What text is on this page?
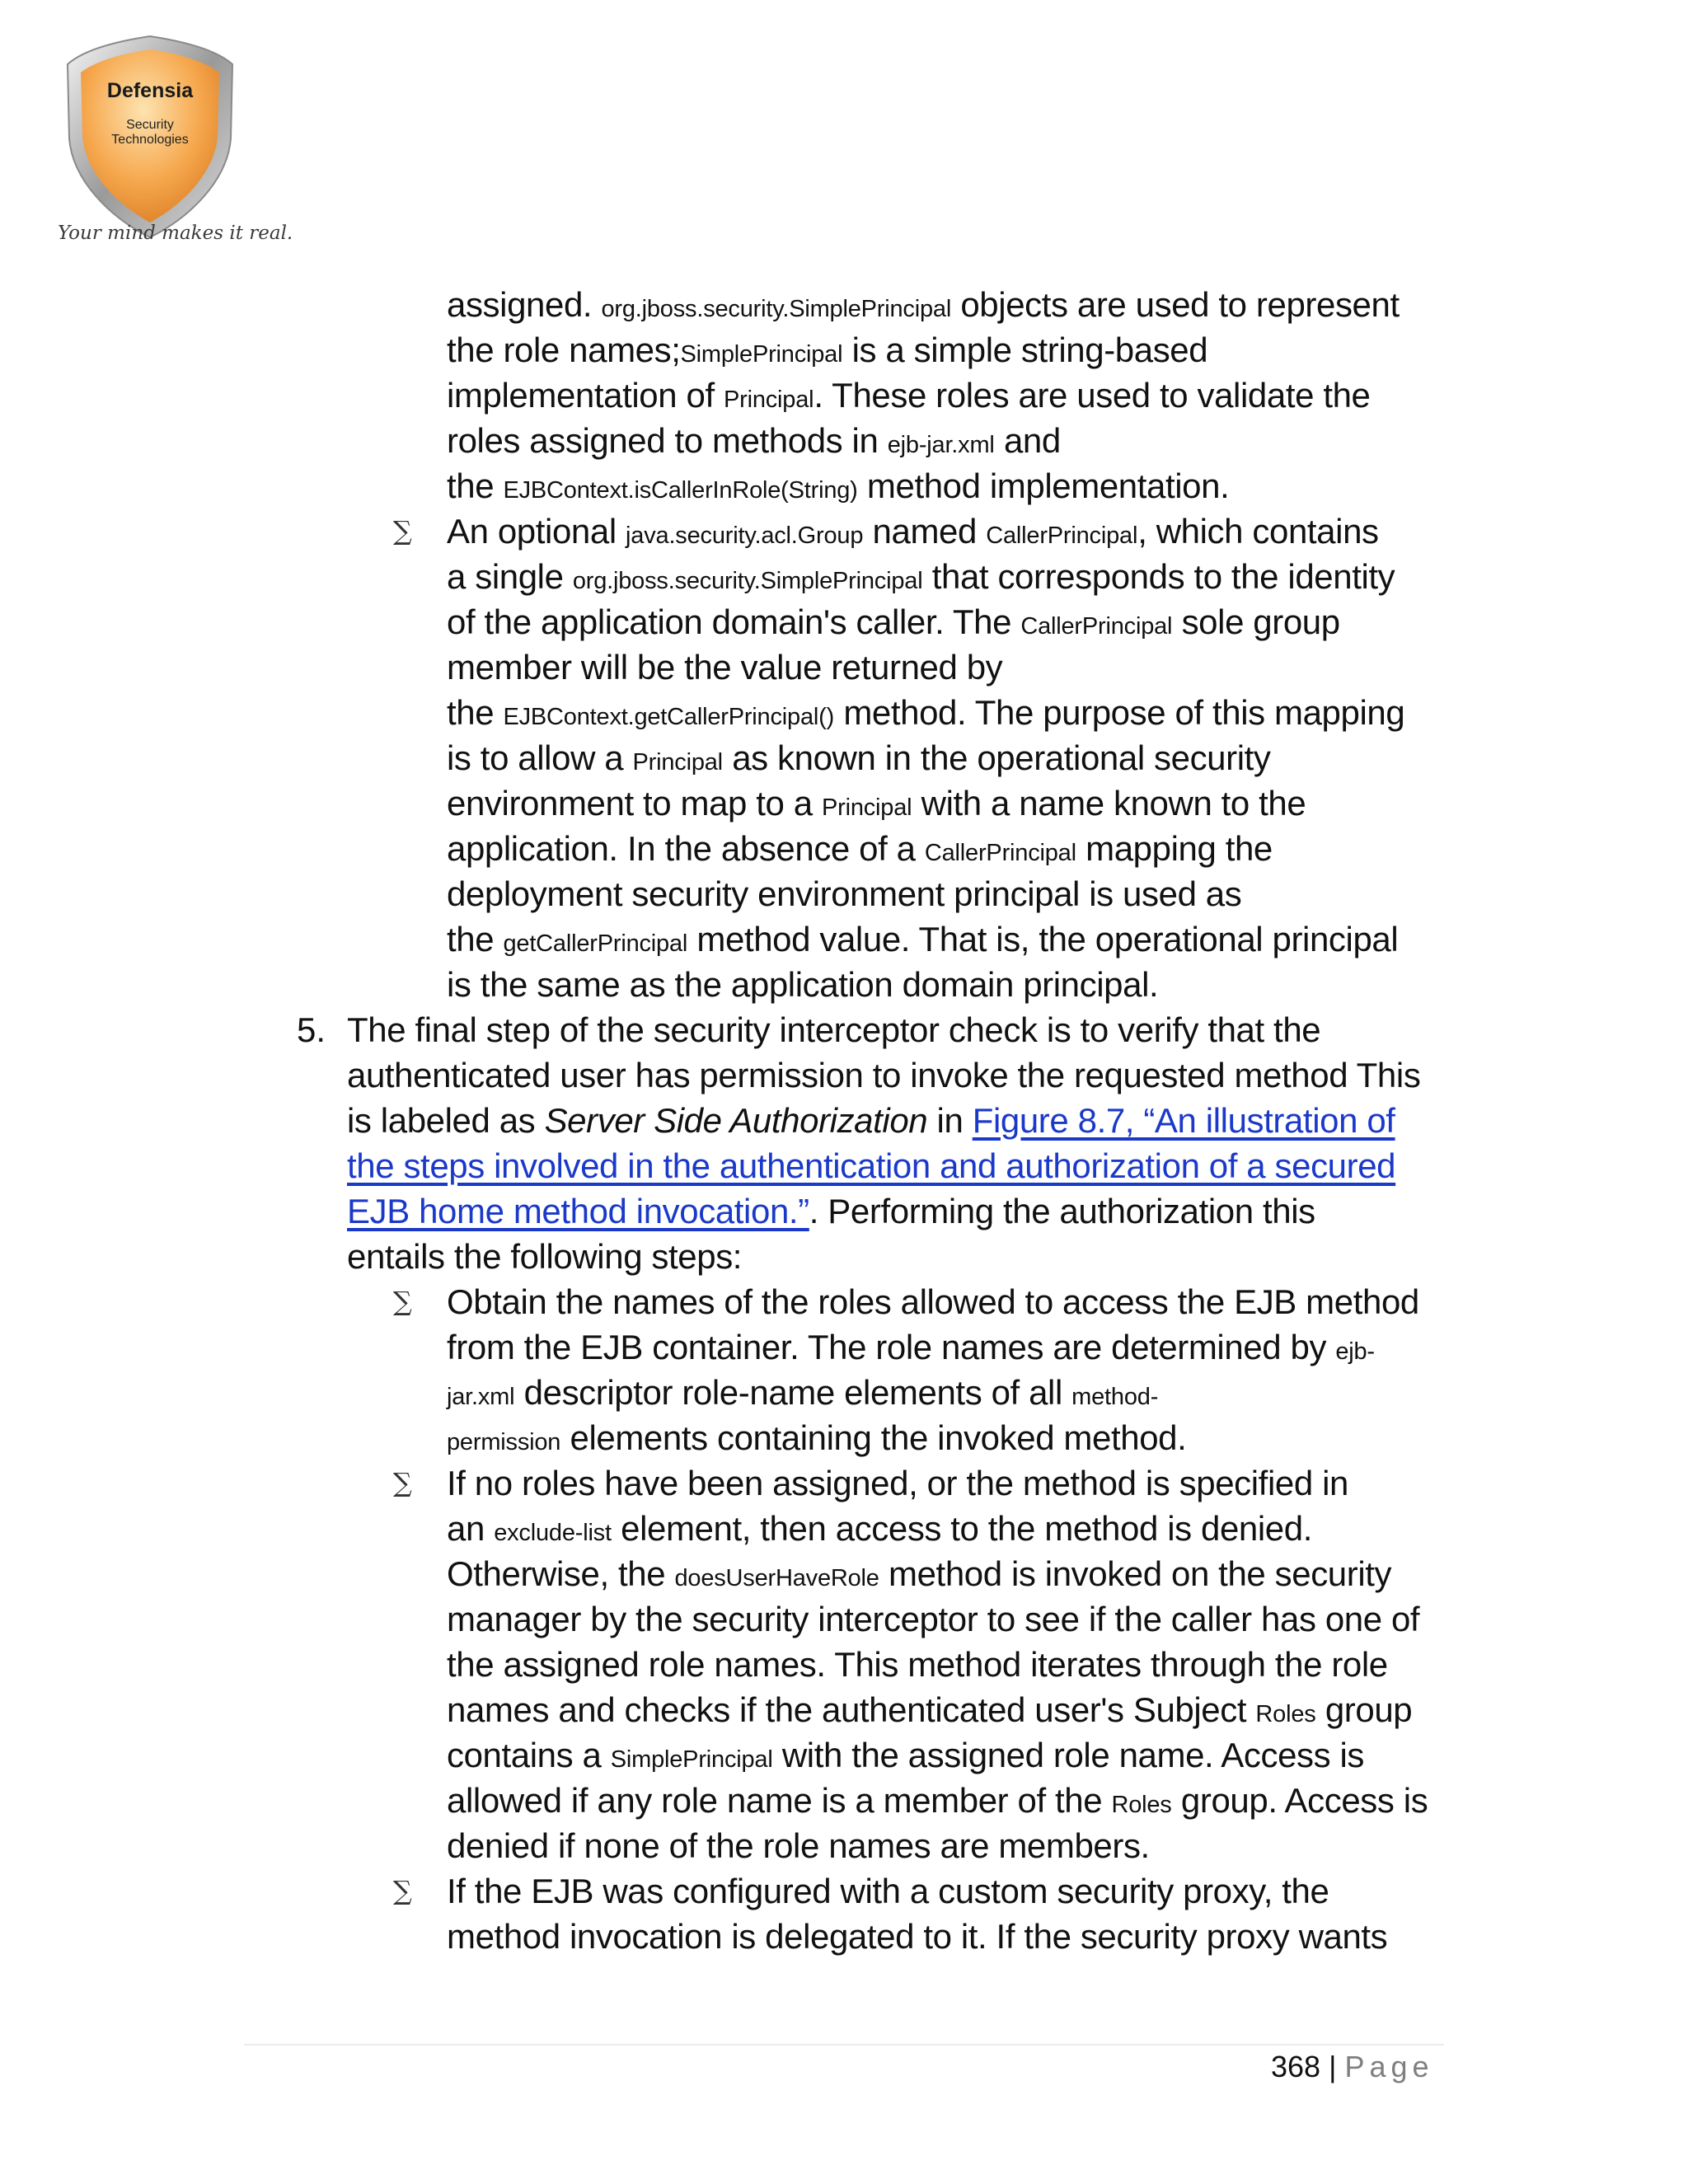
Defensia
Security
Technologies
Your mind makes it real.
assigned. org.jboss.security.SimplePrincipal objects are used to represent
the role names;SimplePrincipal is a simple string-based
implementation of Principal. These roles are used to validate the
roles assigned to methods in ejb-jar.xml and
the EJBContext.isCallerInRole(String) method implementation.
∑ An optional java.security.acl.Group named CallerPrincipal, which contains
a single org.jboss.security.SimplePrincipal that corresponds to the identity
of the application domain's caller. The CallerPrincipal sole group
member will be the value returned by
the EJBContext.getCallerPrincipal() method. The purpose of this mapping
is to allow a Principal as known in the operational security
environment to map to a Principal with a name known to the
application. In the absence of a CallerPrincipal mapping the
deployment security environment principal is used as
the getCallerPrincipal method value. That is, the operational principal
is the same as the application domain principal.
5. The final step of the security interceptor check is to verify that the
authenticated user has permission to invoke the requested method This
is labeled as Server Side Authorization in Figure 8.7, “An illustration of
the steps involved in the authentication and authorization of a secured
EJB home method invocation.”. Performing the authorization this
entails the following steps:
∑ Obtain the names of the roles allowed to access the EJB method
from the EJB container. The role names are determined by ejb-
jar.xml descriptor role-name elements of all method-
permission elements containing the invoked method.
∑ If no roles have been assigned, or the method is specified in
an exclude-list element, then access to the method is denied.
Otherwise, the doesUserHaveRole method is invoked on the security
manager by the security interceptor to see if the caller has one of
the assigned role names. This method iterates through the role
names and checks if the authenticated user's Subject Roles group
contains a SimplePrincipal with the assigned role name. Access is
allowed if any role name is a member of the Roles group. Access is
denied if none of the role names are members.
∑ If the EJB was configured with a custom security proxy, the
method invocation is delegated to it. If the security proxy wants
368 | Page
